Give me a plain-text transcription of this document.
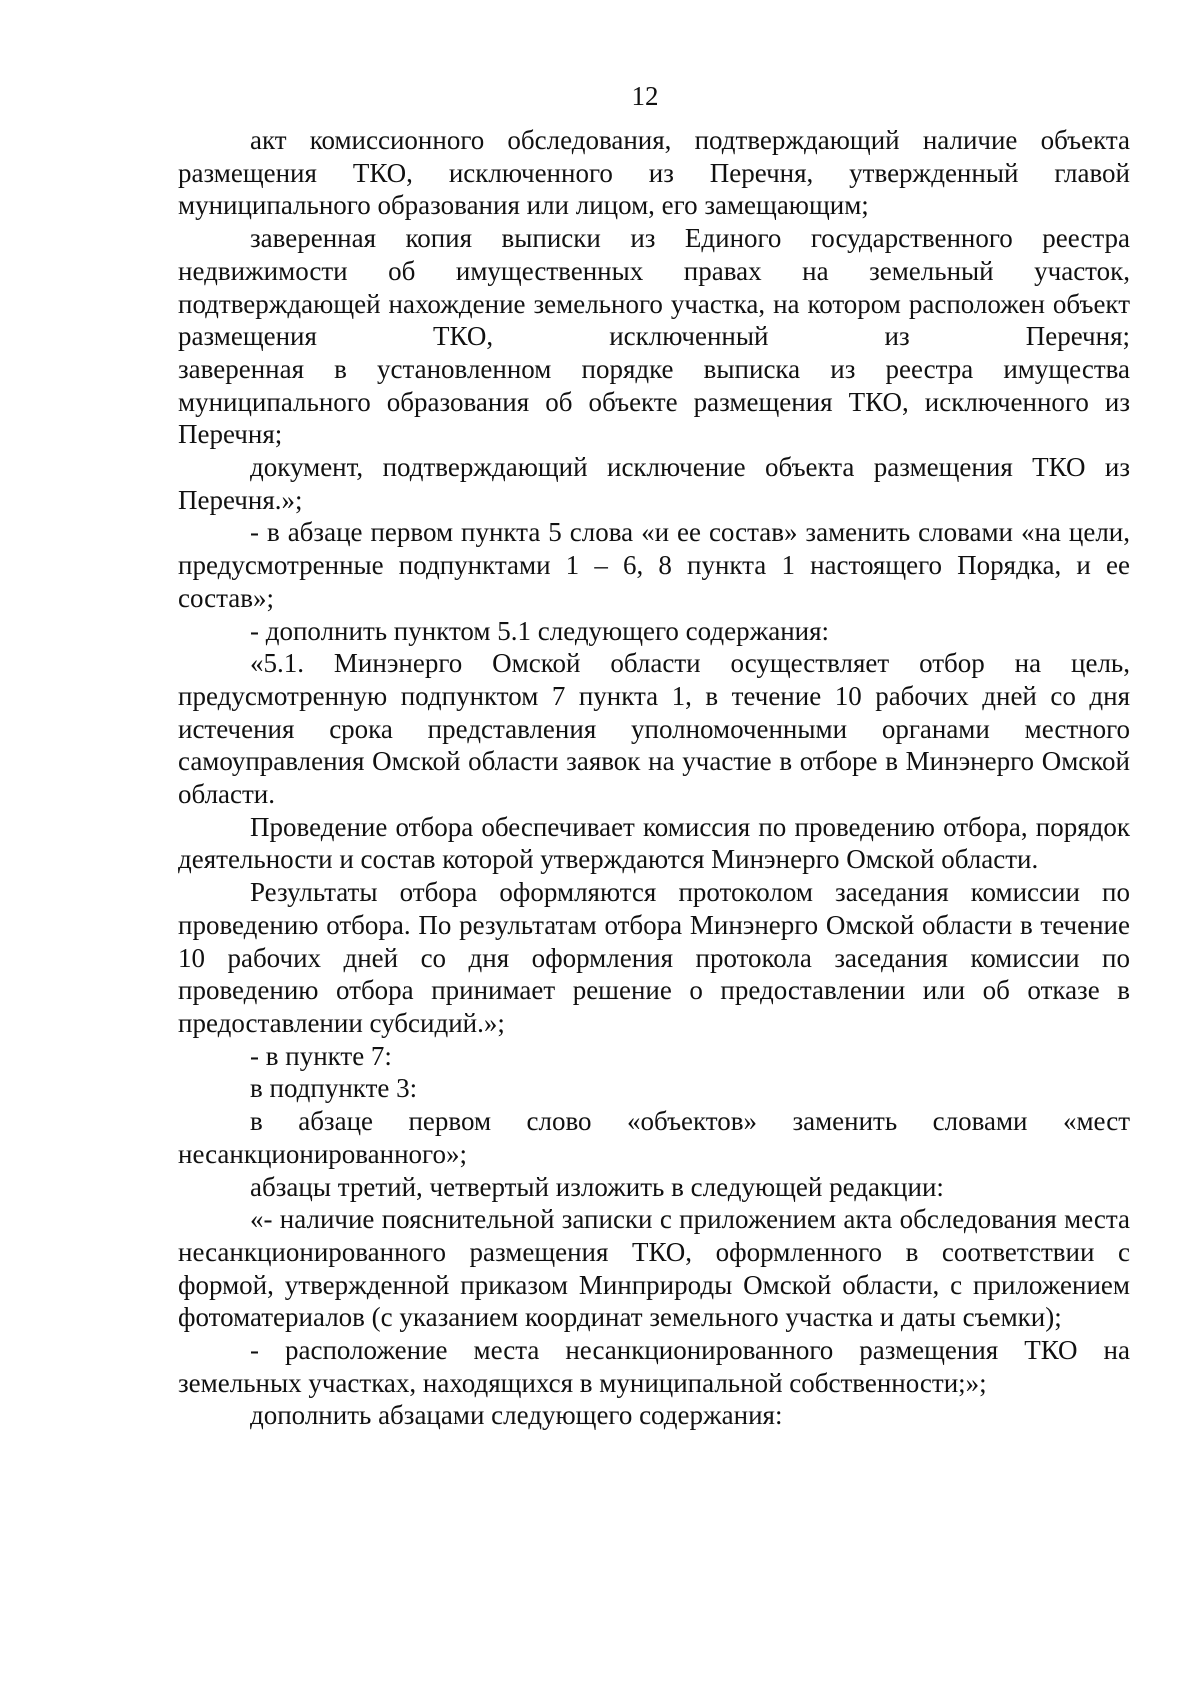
12

акт комиссионного обследования, подтверждающий наличие объекта размещения ТКО, исключенного из Перечня, утвержденный главой муниципального образования или лицом, его замещающим;

заверенная копия выписки из Единого государственного реестра недвижимости об имущественных правах на земельный участок, подтверждающей нахождение земельного участка, на котором расположен объект размещения ТКО, исключенный из Перечня;

заверенная в установленном порядке выписка из реестра имущества муниципального образования об объекте размещения ТКО, исключенного из Перечня;

документ, подтверждающий исключение объекта размещения ТКО из Перечня.»;

- в абзаце первом пункта 5 слова «и ее состав» заменить словами «на цели, предусмотренные подпунктами 1 – 6, 8 пункта 1 настоящего Порядка, и ее состав»;

- дополнить пунктом 5.1 следующего содержания:

«5.1. Минэнерго Омской области осуществляет отбор на цель, предусмотренную подпунктом 7 пункта 1, в течение 10 рабочих дней со дня истечения срока представления уполномоченными органами местного самоуправления Омской области заявок на участие в отборе в Минэнерго Омской области.

Проведение отбора обеспечивает комиссия по проведению отбора, порядок деятельности и состав которой утверждаются Минэнерго Омской области.

Результаты отбора оформляются протоколом заседания комиссии по проведению отбора. По результатам отбора Минэнерго Омской области в течение 10 рабочих дней со дня оформления протокола заседания комиссии по проведению отбора принимает решение о предоставлении или об отказе в предоставлении субсидий.»;

- в пункте 7:

в подпункте 3:

в абзаце первом слово «объектов» заменить словами «мест несанкционированного»;

абзацы третий, четвертый изложить в следующей редакции:

«- наличие пояснительной записки с приложением акта обследования места несанкционированного размещения ТКО, оформленного в соответствии с формой, утвержденной приказом Минприроды Омской области, с приложением фотоматериалов (с указанием координат земельного участка и даты съемки);

- расположение места несанкционированного размещения ТКО на земельных участках, находящихся в муниципальной собственности;»;

дополнить абзацами следующего содержания:
